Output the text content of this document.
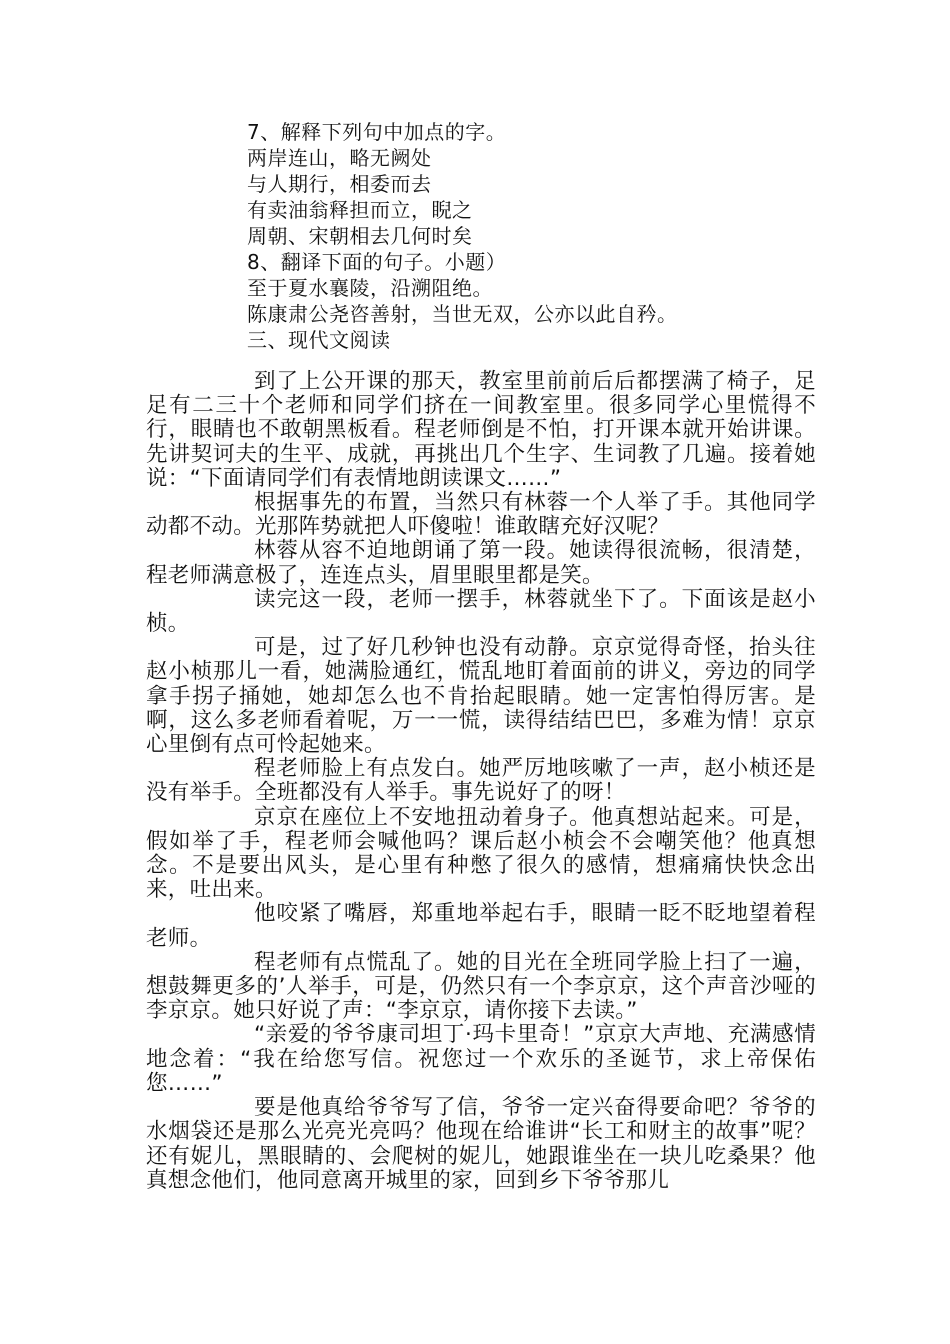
7、解释下列句中加点的字。
两岸连山，略无阙处
与人期行，相委而去
有卖油翁释担而立，睨之
周朝、宋朝相去几何时矣
8、翻译下面的句子。小题）
至于夏水襄陵，沿溯阻绝。
陈康肃公尧咨善射，当世无双，公亦以此自矜。
三、现代文阅读

到了上公开课的那天，教室里前前后后都摆满了椅子，足足有二三十个老师和同学们挤在一间教室里。很多同学心里慌得不行，眼睛也不敢朝黑板看。程老师倒是不怕，打开课本就开始讲课。先讲契诃夫的生平、成就，再挑出几个生字、生词教了几遍。接着她说：“下面请同学们有表情地朗读课文……”

根据事先的布置，当然只有林蓉一个人举了手。其他同学动都不动。光那阵势就把人吓傻啦！谁敢瞎充好汉呢？

林蓉从容不迫地朗诵了第一段。她读得很流畅，很清楚，程老师满意极了，连连点头，眉里眼里都是笑。

读完这一段，老师一摆手，林蓉就坐下了。下面该是赵小桢。

可是，过了好几秒钟也没有动静。京京觉得奇怪，抬头往赵小桢那儿一看，她满脸通红，慌乱地盯着面前的讲义，旁边的同学拿手拐子捅她，她却怎么也不肯抬起眼睛。她一定害怕得厉害。是啊，这么多老师看着呢，万一一慌，读得结结巴巴，多难为情！京京心里倒有点可怜起她来。

程老师脸上有点发白。她严厉地咳嗽了一声，赵小桢还是没有举手。全班都没有人举手。事先说好了的呀！

京京在座位上不安地扭动着身子。他真想站起来。可是，假如举了手，程老师会喊他吗？课后赵小桢会不会嘲笑他？他真想念。不是要出风头，是心里有种憋了很久的感情，想痛痛快快念出来，吐出来。

他咬紧了嘴唇，郑重地举起右手，眼睛一眨不眨地望着程老师。

程老师有点慌乱了。她的目光在全班同学脸上扫了一遍，想鼓舞更多的’人举手，可是，仍然只有一个李京京，这个声音沙哑的李京京。她只好说了声：“李京京，请你接下去读。”

“亲爱的爷爷康司坦丁·玛卡里奇！”京京大声地、充满感情地念着：“我在给您写信。祝您过一个欢乐的圣诞节，求上帝保佑您……”

要是他真给爷爷写了信，爷爷一定兴奋得要命吧？爷爷的水烟袋还是那么光亮光亮吗？他现在给谁讲“长工和财主的故事”呢？还有妮儿，黑眼睛的、会爬树的妮儿，她跟谁坐在一块儿吃桑果？他真想念他们，他同意离开城里的家，回到乡下爷爷那儿
